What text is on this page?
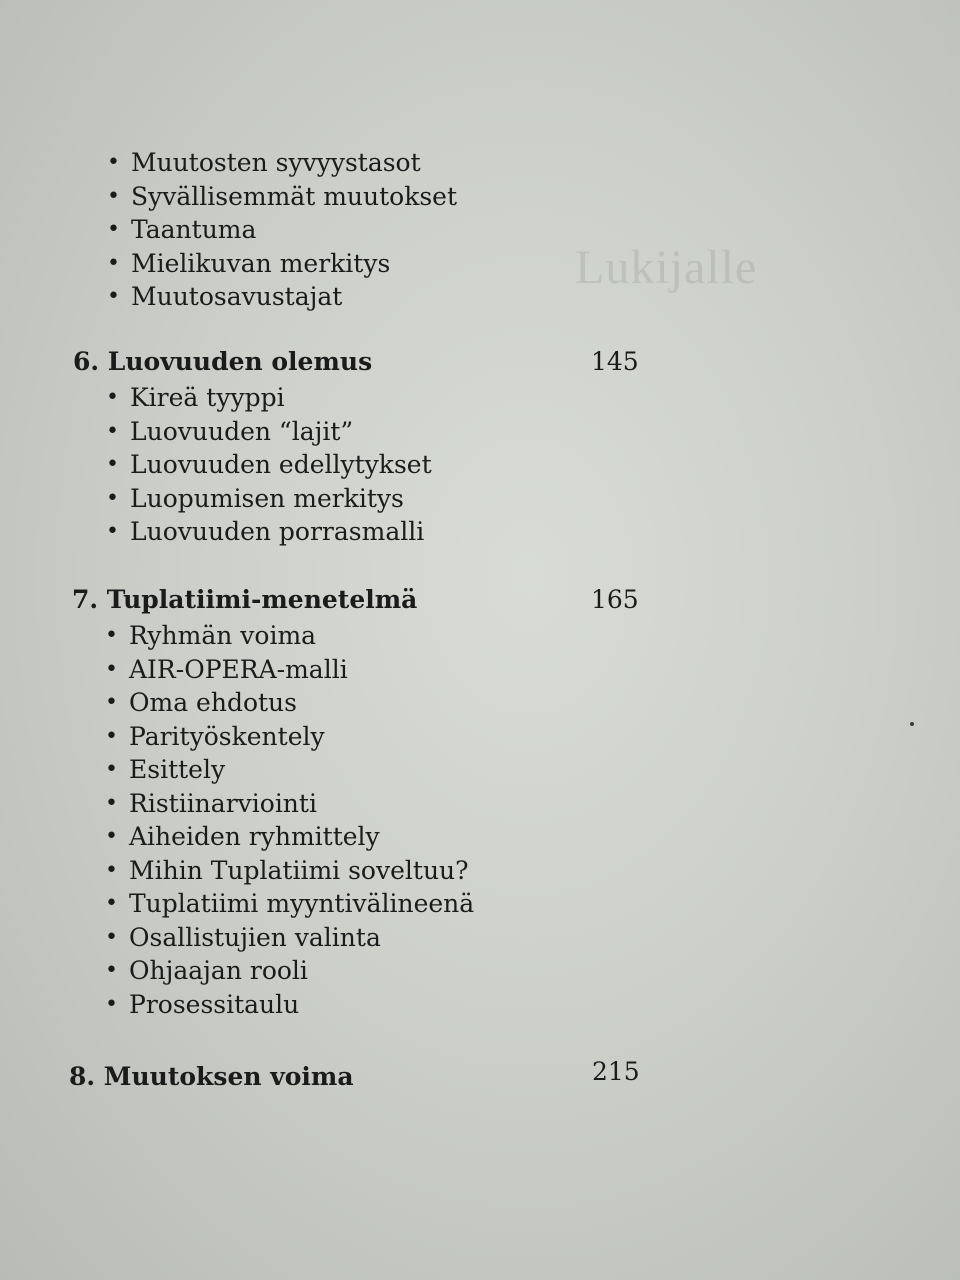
Lukijalle
• Muutosten syvyystasot
• Syvällisemmät muutokset
• Taantuma
• Mielikuvan merkitys
• Muutosavustajat
6. Luovuuden olemus	145
• Kireä tyyppi
• Luovuuden “lajit”
• Luovuuden edellytykset
• Luopumisen merkitys
• Luovuuden porrasmalli
7. Tuplatiimi-menetelmä	165
• Ryhmän voima
• AIR-OPERA-malli
• Oma ehdotus
• Parityöskentely
• Esittely
• Ristiinarviointi
• Aiheiden ryhmittely
• Mihin Tuplatiimi soveltuu?
• Tuplatiimi myyntivälineenä
• Osallistujien valinta
• Ohjaajan rooli
• Prosessitaulu
8. Muutoksen voima	215
